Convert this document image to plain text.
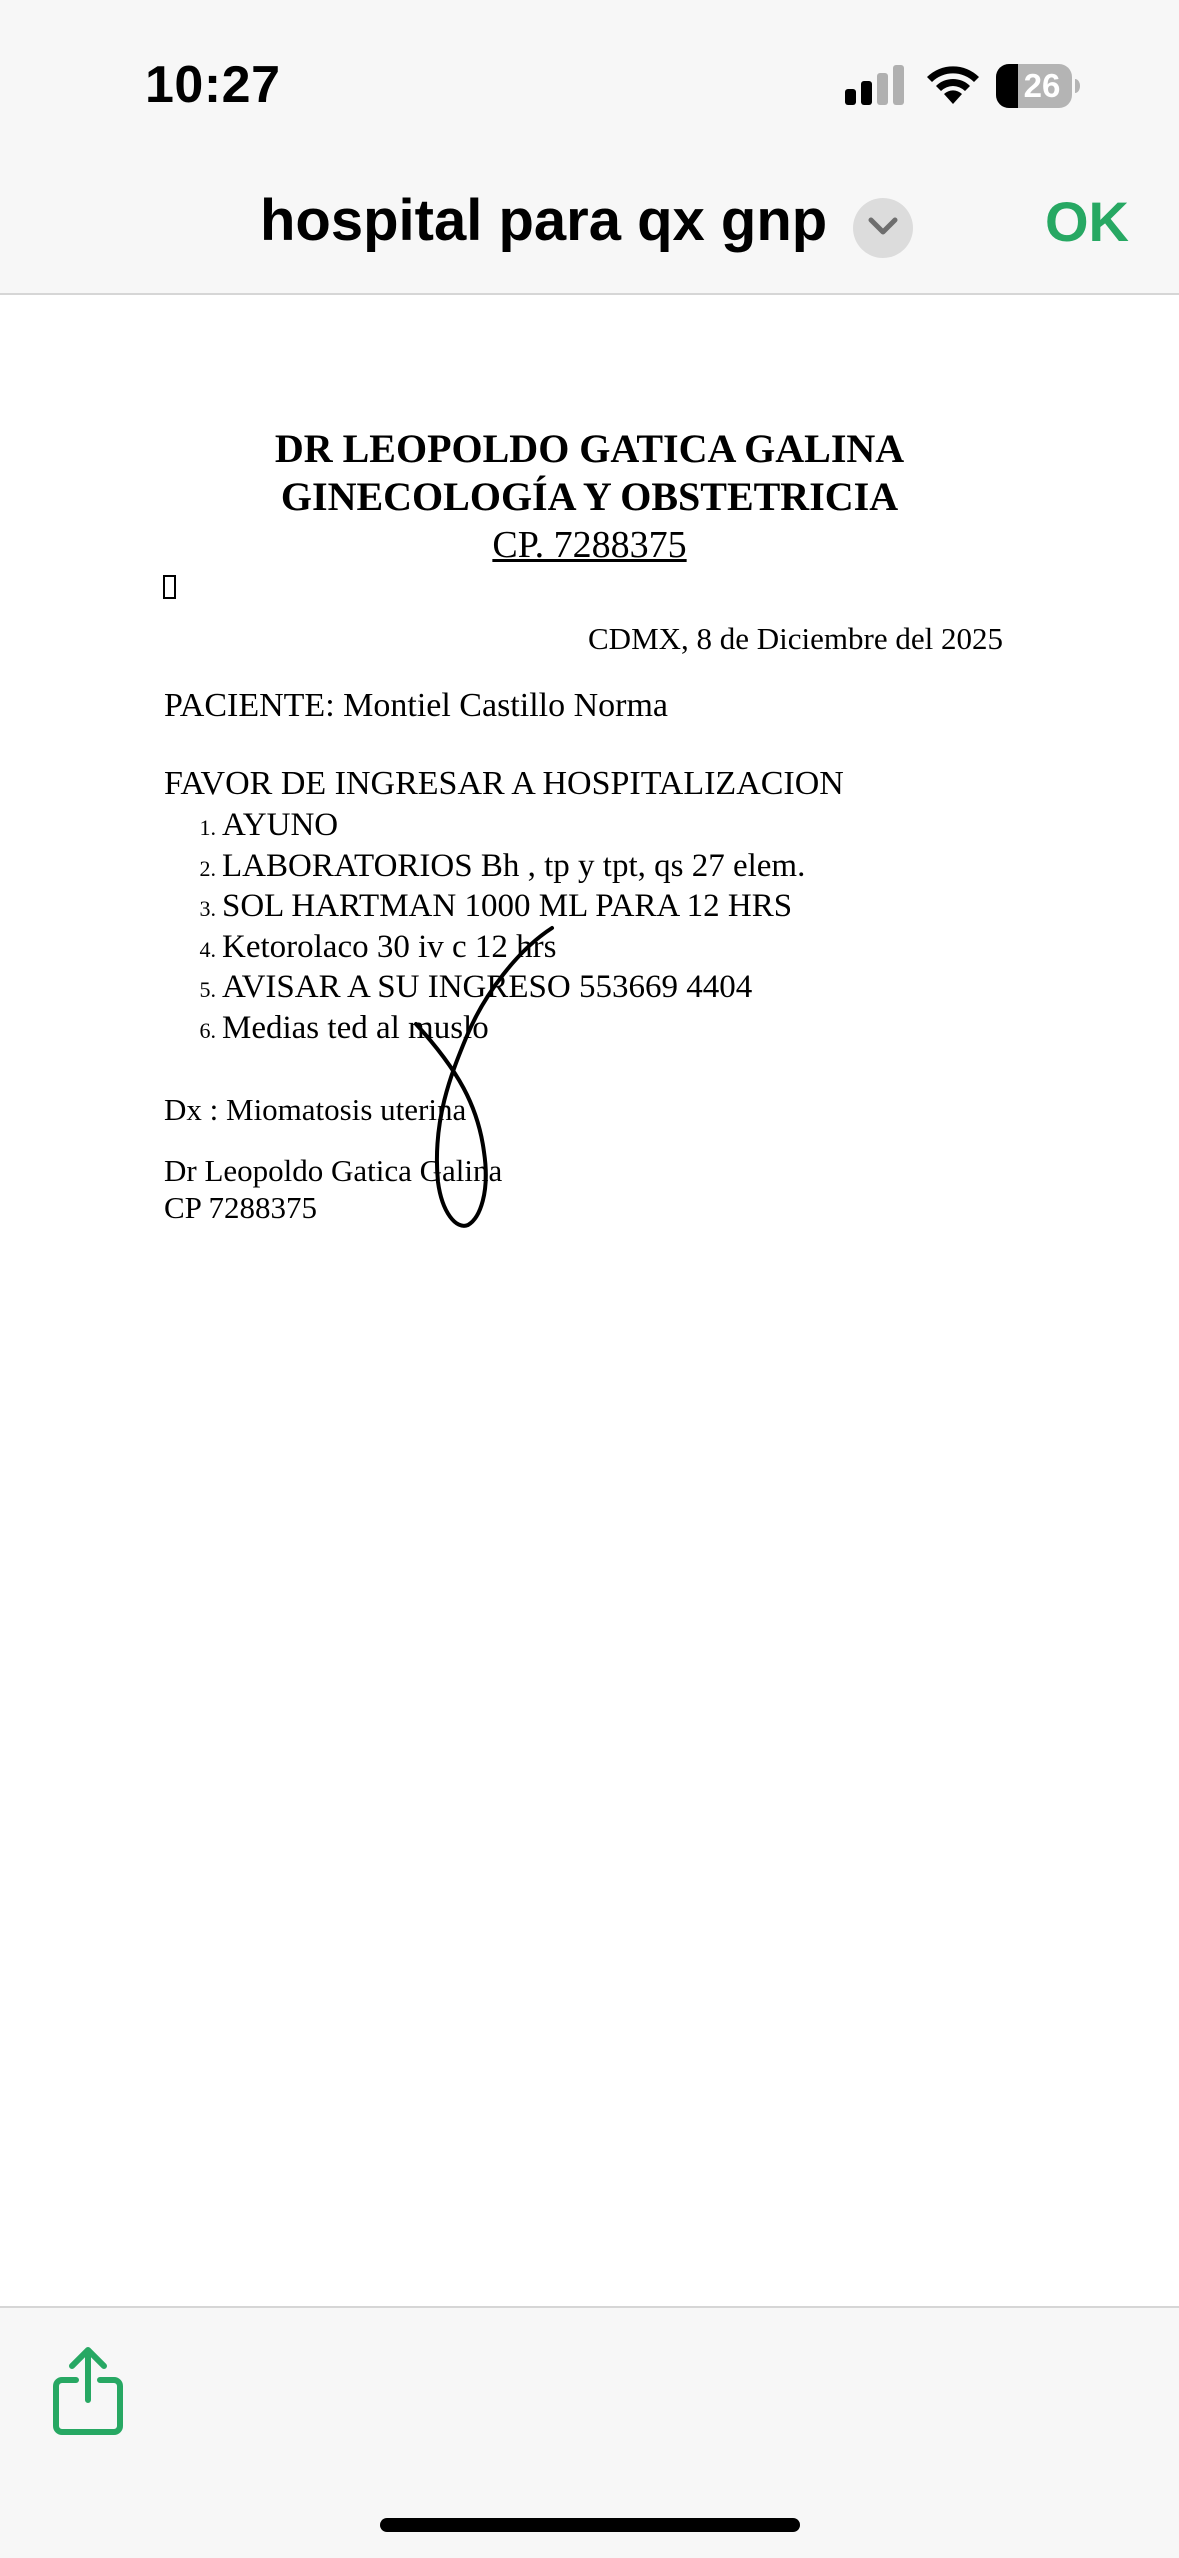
10:27	26
hospital para qx gnp	OK
DR LEOPOLDO GATICA GALINA
GINECOLOGÍA Y OBSTETRICIA
CP. 7288375
CDMX, 8 de Diciembre del 2025
PACIENTE: Montiel Castillo Norma
FAVOR DE INGRESAR A HOSPITALIZACION
1. AYUNO
2. LABORATORIOS Bh , tp y tpt, qs 27 elem.
3. SOL HARTMAN 1000 ML PARA 12 HRS
4. Ketorolaco 30 iv c 12 hrs
5. AVISAR A SU INGRESO 553669 4404
6. Medias ted al muslo
Dx : Miomatosis uterina
Dr Leopoldo Gatica Galina
CP 7288375
